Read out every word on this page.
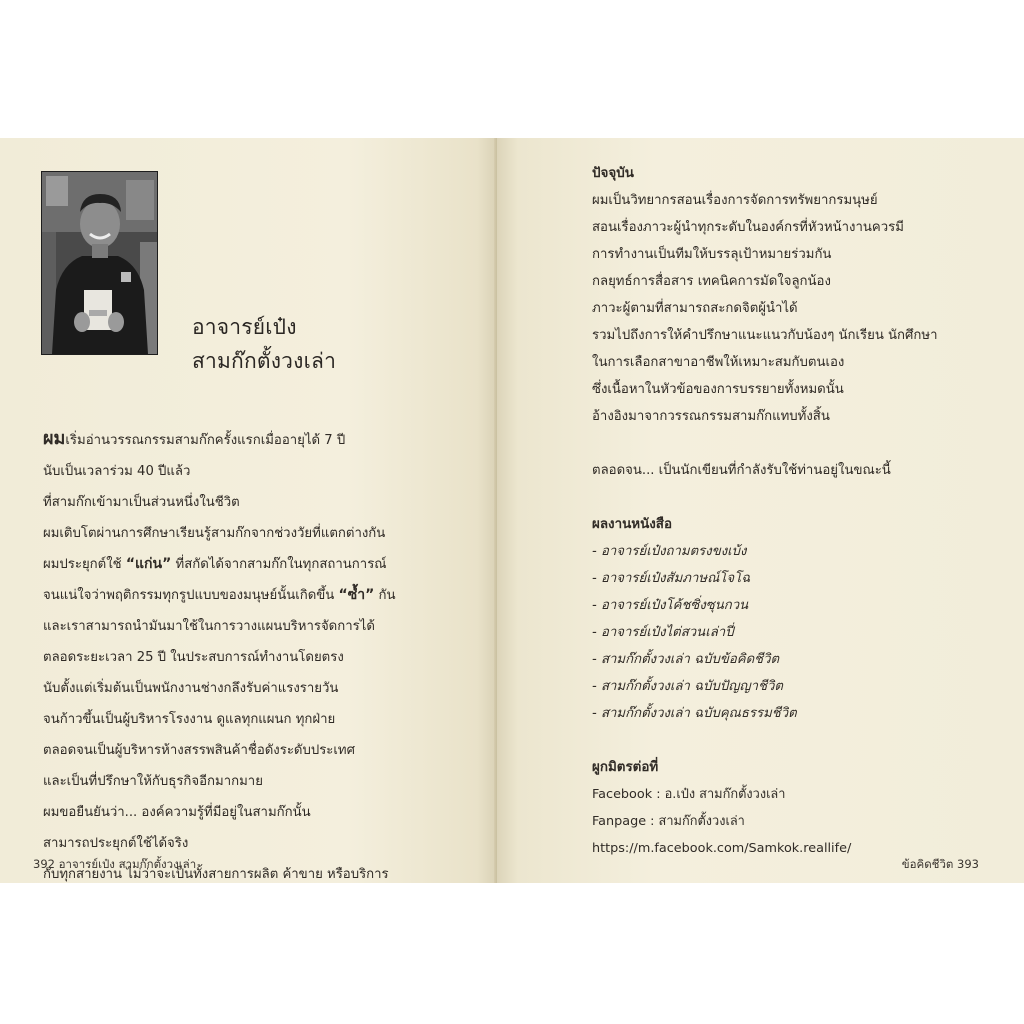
อาจารย์เป๋ง
สามก๊กตั้งวงเล่า
ผมเริ่มอ่านวรรณกรรมสามก๊กครั้งแรกเมื่ออายุได้ 7 ปี
นับเป็นเวลาร่วม 40 ปีแล้ว
ที่สามก๊กเข้ามาเป็นส่วนหนึ่งในชีวิต
ผมเติบโตผ่านการศึกษาเรียนรู้สามก๊กจากช่วงวัยที่แตกต่างกัน
ผมประยุกต์ใช้ “แก่น” ที่สกัดได้จากสามก๊กในทุกสถานการณ์
จนแน่ใจว่าพฤติกรรมทุกรูปแบบของมนุษย์นั้นเกิดขึ้น “ซ้ำ” กัน
และเราสามารถนำมันมาใช้ในการวางแผนบริหารจัดการได้
ตลอดระยะเวลา 25 ปี ในประสบการณ์ทำงานโดยตรง
นับตั้งแต่เริ่มต้นเป็นพนักงานช่างกลึงรับค่าแรงรายวัน
จนก้าวขึ้นเป็นผู้บริหารโรงงาน ดูแลทุกแผนก ทุกฝ่าย
ตลอดจนเป็นผู้บริหารห้างสรรพสินค้าชื่อดังระดับประเทศ
และเป็นที่ปรึกษาให้กับธุรกิจอีกมากมาย
ผมขอยืนยันว่า... องค์ความรู้ที่มีอยู่ในสามก๊กนั้น
สามารถประยุกต์ใช้ได้จริง
กับทุกสายงาน ไม่ว่าจะเป็นทั้งสายการผลิต ค้าขาย หรือบริการ
392 อาจารย์เป๋ง สามก๊กตั้งวงเล่า	ข้อคิดชีวิต 393
ปัจจุบัน
ผมเป็นวิทยากรสอนเรื่องการจัดการทรัพยากรมนุษย์
สอนเรื่องภาวะผู้นำทุกระดับในองค์กรที่หัวหน้างานควรมี
การทำงานเป็นทีมให้บรรลุเป้าหมายร่วมกัน
กลยุทธ์การสื่อสาร เทคนิคการมัดใจลูกน้อง
ภาวะผู้ตามที่สามารถสะกดจิตผู้นำได้
รวมไปถึงการให้คำปรึกษาแนะแนวกับน้องๆ นักเรียน นักศึกษา
ในการเลือกสาขาอาชีพให้เหมาะสมกับตนเอง
ซึ่งเนื้อหาในหัวข้อของการบรรยายทั้งหมดนั้น
อ้างอิงมาจากวรรณกรรมสามก๊กแทบทั้งสิ้น
ตลอดจน... เป็นนักเขียนที่กำลังรับใช้ท่านอยู่ในขณะนี้
ผลงานหนังสือ
- อาจารย์เป๋งถามตรงขงเบ้ง
- อาจารย์เป๋งสัมภาษณ์โจโฉ
- อาจารย์เป๋งโค้ชซิ่งซุนกวน
- อาจารย์เป๋งไต่สวนเล่าปี่
- สามก๊กตั้งวงเล่า ฉบับข้อคิดชีวิต
- สามก๊กตั้งวงเล่า ฉบับปัญญาชีวิต
- สามก๊กตั้งวงเล่า ฉบับคุณธรรมชีวิต
ผูกมิตรต่อที่
Facebook : อ.เป๋ง สามก๊กตั้งวงเล่า
Fanpage : สามก๊กตั้งวงเล่า
https://m.facebook.com/Samkok.reallife/
